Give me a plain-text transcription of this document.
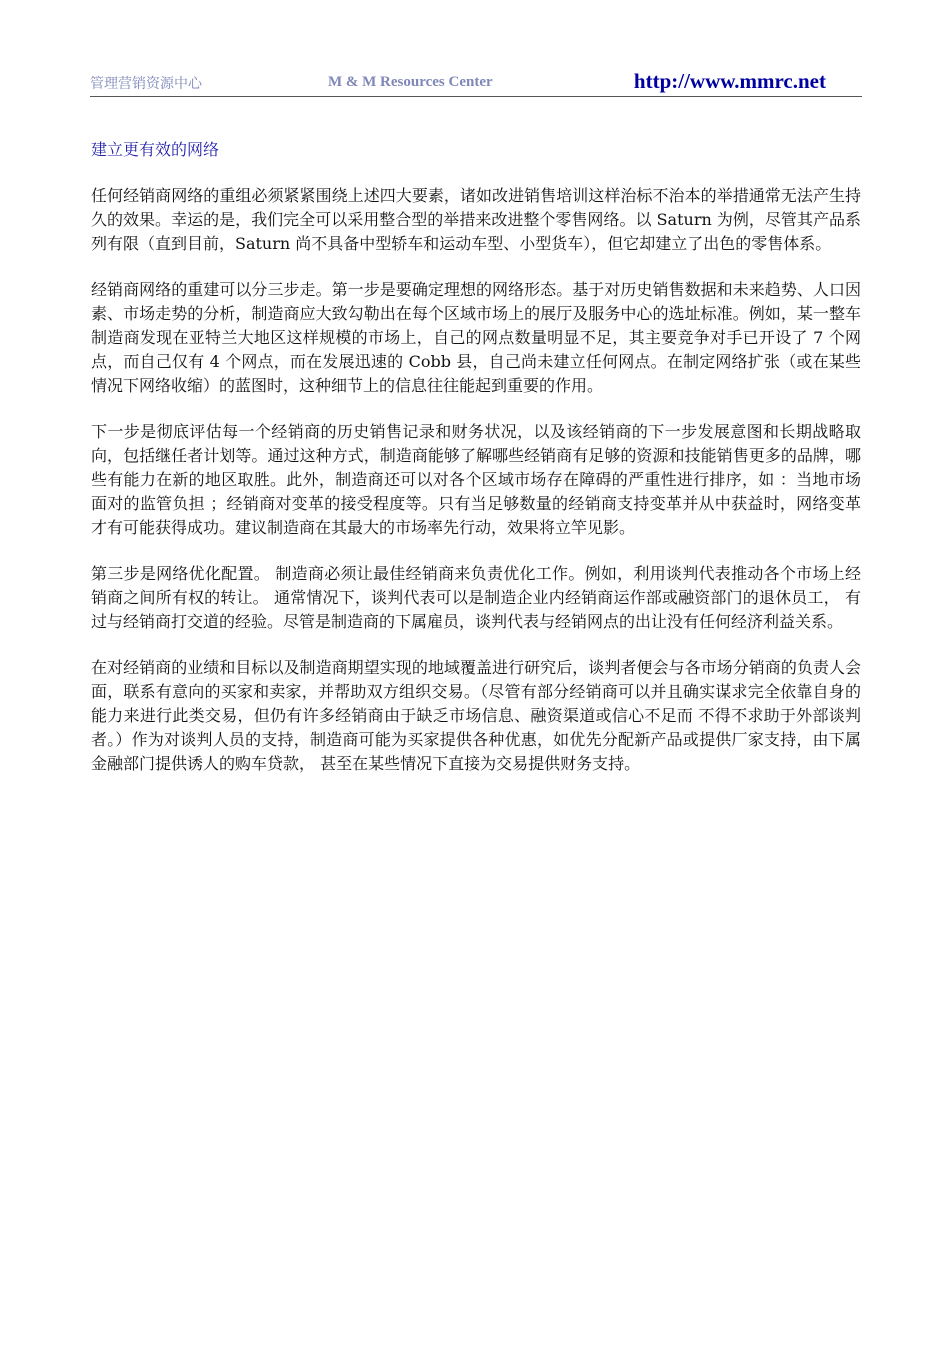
管理营销资源中心	M & M Resources Center	http://www.mmrc.net
建立更有效的网络

任何经销商网络的重组必须紧紧围绕上述四大要素，诸如改进销售培训这样治标不治本的举措通常无法产生持久的效果。幸运的是，我们完全可以采用整合型的举措来改进整个零售网络。以 Saturn 为例，尽管其产品系列有限（直到目前，Saturn 尚不具备中型轿车和运动车型、小型货车），但它却建立了出色的零售体系。

经销商网络的重建可以分三步走。第一步是要确定理想的网络形态。基于对历史销售数据和未来趋势、人口因素、市场走势的分析，制造商应大致勾勒出在每个区域市场上的展厅及服务中心的选址标准。例如，某一整车制造商发现在亚特兰大地区这样规模的市场上，自己的网点数量明显不足，其主要竞争对手已开设了 7 个网点，而自己仅有 4 个网点，而在发展迅速的 Cobb 县，自己尚未建立任何网点。在制定网络扩张（或在某些情况下网络收缩）的蓝图时，这种细节上的信息往往能起到重要的作用。

下一步是彻底评估每一个经销商的历史销售记录和财务状况，以及该经销商的下一步发展意图和长期战略取向，包括继任者计划等。通过这种方式，制造商能够了解哪些经销商有足够的资源和技能销售更多的品牌，哪些有能力在新的地区取胜。此外，制造商还可以对各个区域市场存在障碍的严重性进行排序，如 ：当地市场面对的监管负担 ；经销商对变革的接受程度等。只有当足够数量的经销商支持变革并从中获益时，网络变革才有可能获得成功。建议制造商在其最大的市场率先行动，效果将立竿见影。

第三步是网络优化配置。 制造商必须让最佳经销商来负责优化工作。例如，利用谈判代表推动各个市场上经销商之间所有权的转让。 通常情况下，谈判代表可以是制造企业内经销商运作部或融资部门的退休员工， 有过与经销商打交道的经验。尽管是制造商的下属雇员，谈判代表与经销网点的出让没有任何经济利益关系。

在对经销商的业绩和目标以及制造商期望实现的地域覆盖进行研究后，谈判者便会与各市场分销商的负责人会面，联系有意向的买家和卖家，并帮助双方组织交易。（尽管有部分经销商可以并且确实谋求完全依靠自身的能力来进行此类交易，但仍有许多经销商由于缺乏市场信息、融资渠道或信心不足而 不得不求助于外部谈判者。）作为对谈判人员的支持，制造商可能为买家提供各种优惠，如优先分配新产品或提供厂家支持，由下属金融部门提供诱人的购车贷款， 甚至在某些情况下直接为交易提供财务支持。
